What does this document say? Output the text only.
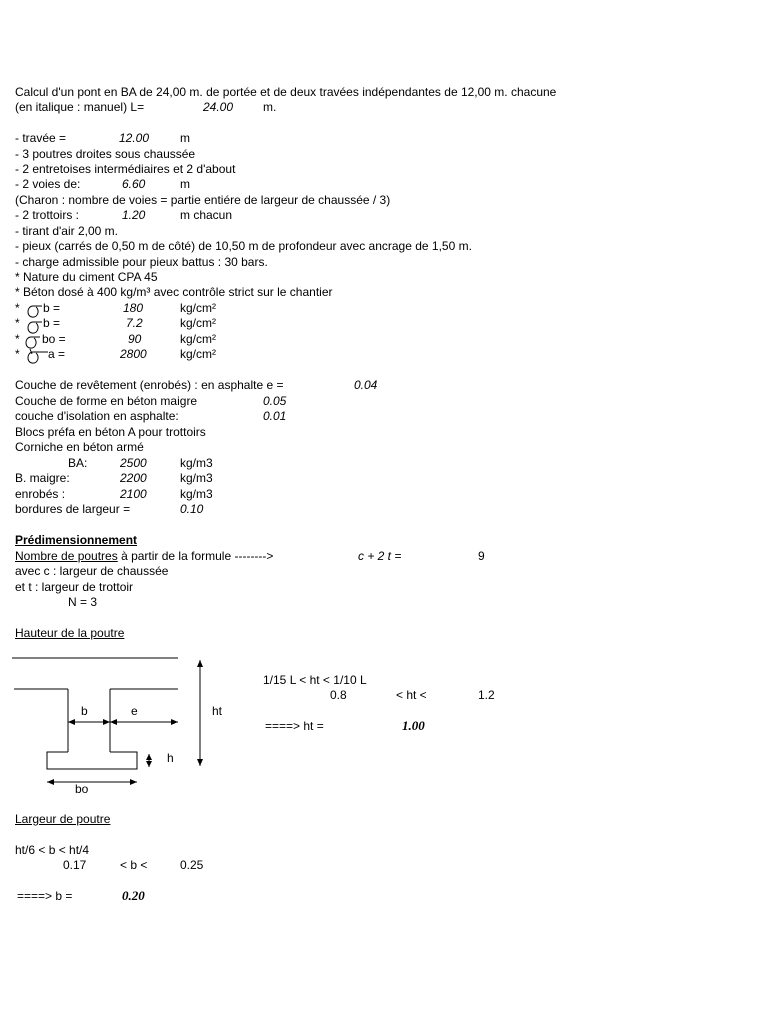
Calcul d'un pont en BA de 24,00 m. de portée et de deux travées indépendantes de 12,00 m. chacune
(en italique : manuel) L=	24.00 m.
- travée =	12.00	m
- 3 poutres droites sous chaussée
- 2 entretoises intermédiaires et 2 d'about
- 2 voies de:	6.60	m
(Charon : nombre de voies = partie entiére de largeur de chaussée / 3)
- 2 trottoirs :	1.20	m chacun
- tirant d'air 2,00 m.
- pieux (carrés de 0,50 m de côté) de 10,50 m de profondeur avec ancrage de 1,50 m.
- charge admissible pour pieux battus : 30 bars.
* Nature du ciment CPA 45
* Béton dosé à 400 kg/m³ avec contrôle strict sur le chantier
* b =	180	kg/cm²
* b =	7.2	kg/cm²
* bo =	90	kg/cm²
* a =	2800	kg/cm²
Couche de revêtement (enrobés) : en asphalte e =	0.04
Couche de forme en béton maigre	0.05
couche d'isolation en asphalte:	0.01
Blocs préfa en béton A pour trottoirs
Corniche en béton armé
BA:	2500	kg/m3
B. maigre:	2200	kg/m3
enrobés :	2100	kg/m3
bordures de largeur =	0.10
Prédimensionnement
Nombre de poutres à partir de la formule -------->	c + 2 t =	9
avec c : largeur de chaussée
et t : largeur de trottoir
N = 3
Hauteur de la poutre
1/15 L < ht < 1/10 L
0.8	< ht <	1.2
====> ht =	1.00
b	e	ht
h
bo
Largeur de poutre
ht/6 < b < ht/4
0.17	< b <	0.25
====> b =	0.20
